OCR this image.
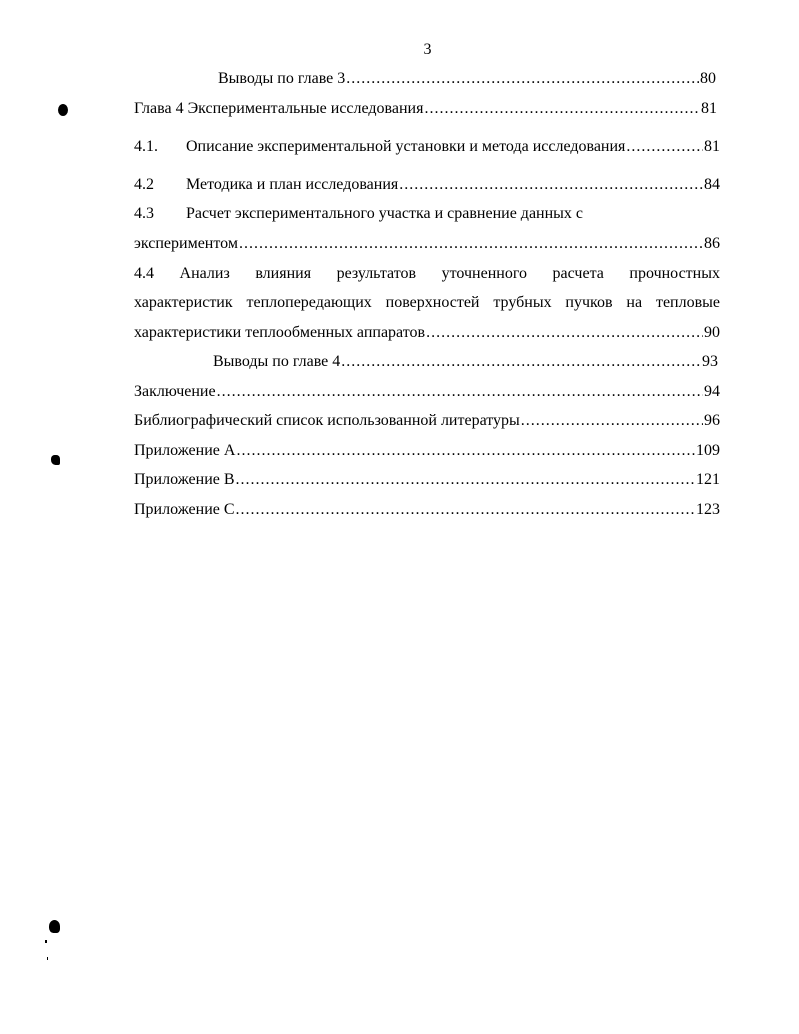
3
Выводы по главе 3 .....	80
Глава 4 Экспериментальные исследования .....	81
4.1.	Описание экспериментальной установки и метода исследования .....	81
4.2	Методика и план исследования .....	84
4.3 Расчет экспериментального участка и сравнение данных с
экспериментом .....	86
4.4 Анализ влияния результатов уточненного расчета прочностных
характеристик теплопередающих поверхностей трубных пучков на тепловые
характеристики теплообменных аппаратов .....	90
Выводы по главе 4 .....	93
Заключение .....	94
Библиографический список использованной литературы .....	96
Приложение А .....	109
Приложение В .....	121
Приложение С .....	123
